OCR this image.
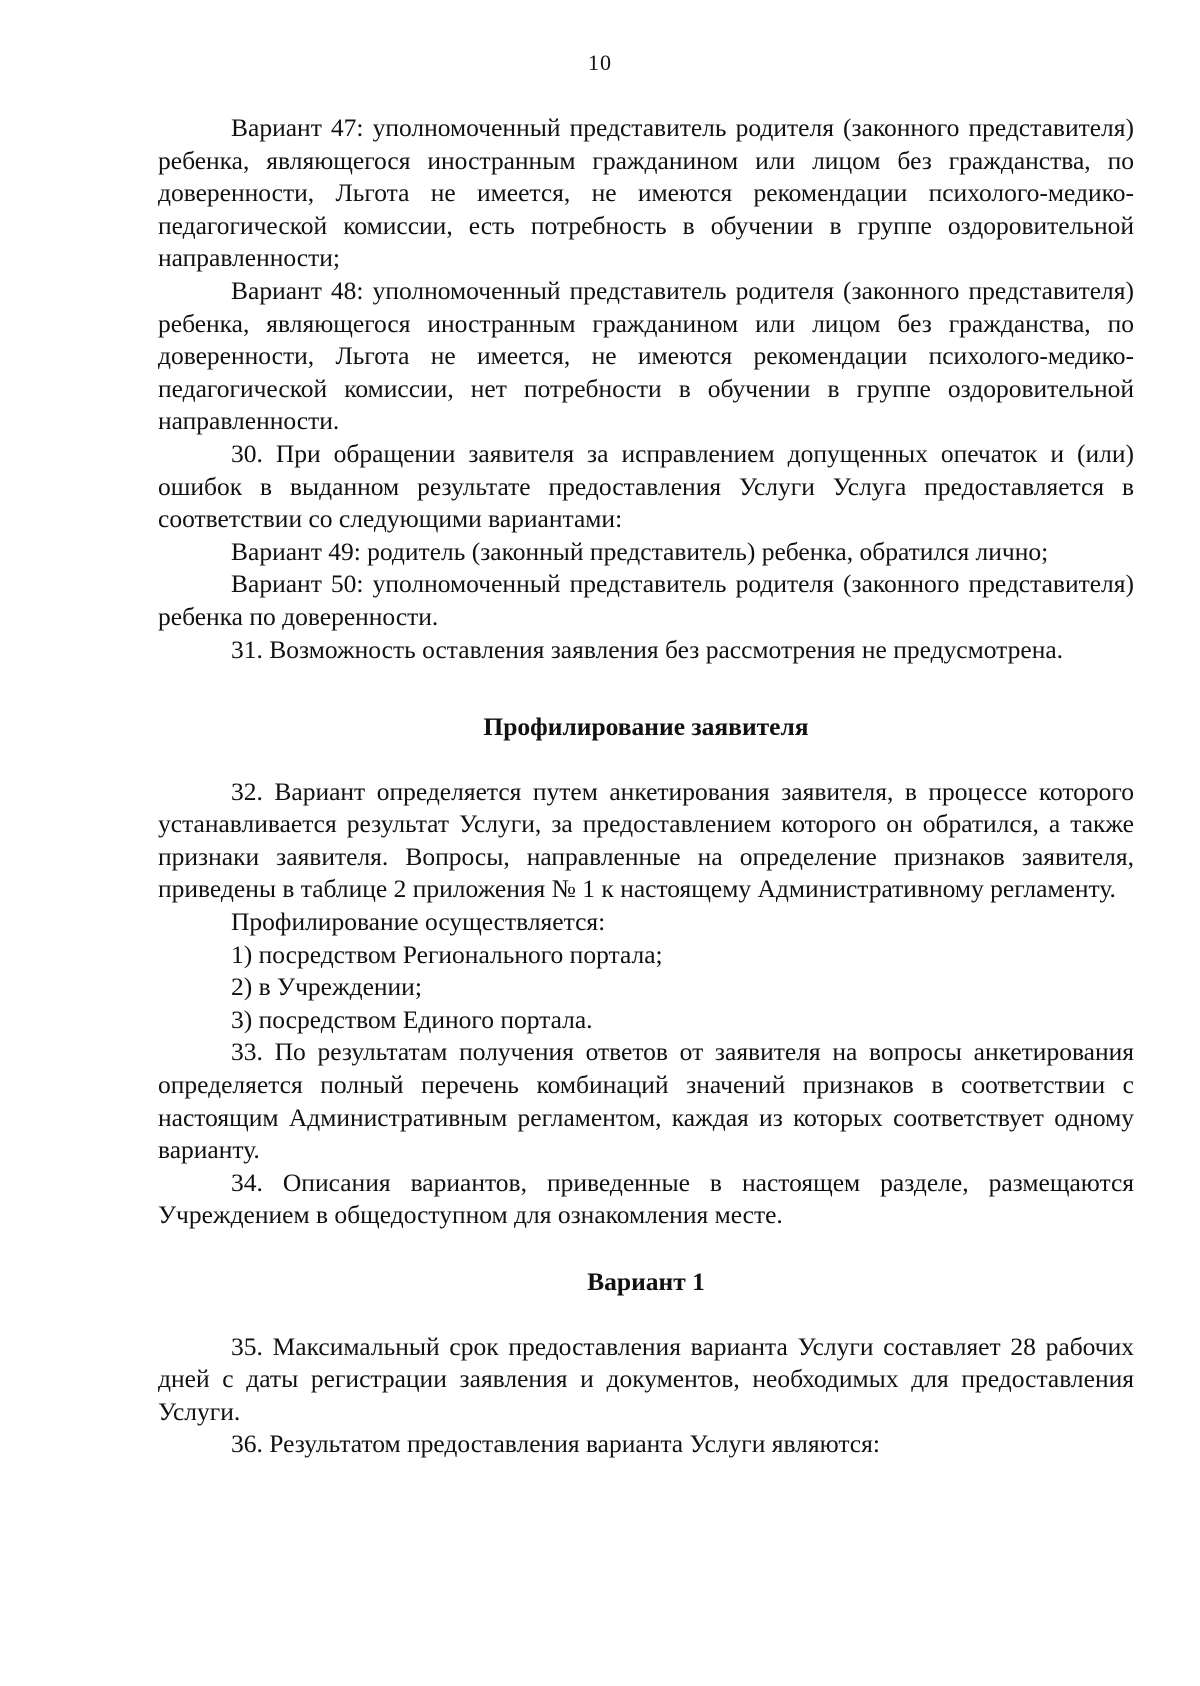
10

Вариант 47: уполномоченный представитель родителя (законного представителя) ребенка, являющегося иностранным гражданином или лицом без гражданства, по доверенности, Льгота не имеется, не имеются рекомендации психолого-медико-педагогической комиссии, есть потребность в обучении в группе оздоровительной направленности;

Вариант 48: уполномоченный представитель родителя (законного представителя) ребенка, являющегося иностранным гражданином или лицом без гражданства, по доверенности, Льгота не имеется, не имеются рекомендации психолого-медико-педагогической комиссии, нет потребности в обучении в группе оздоровительной направленности.

30. При обращении заявителя за исправлением допущенных опечаток и (или) ошибок в выданном результате предоставления Услуги Услуга предоставляется в соответствии со следующими вариантами:

Вариант 49: родитель (законный представитель) ребенка, обратился лично;

Вариант 50: уполномоченный представитель родителя (законного представителя) ребенка по доверенности.

31. Возможность оставления заявления без рассмотрения не предусмотрена.

Профилирование заявителя

32. Вариант определяется путем анкетирования заявителя, в процессе которого устанавливается результат Услуги, за предоставлением которого он обратился, а также признаки заявителя. Вопросы, направленные на определение признаков заявителя, приведены в таблице 2 приложения № 1 к настоящему Административному регламенту.

Профилирование осуществляется:

1) посредством Регионального портала;

2) в Учреждении;

3) посредством Единого портала.

33. По результатам получения ответов от заявителя на вопросы анкетирования определяется полный перечень комбинаций значений признаков в соответствии с настоящим Административным регламентом, каждая из которых соответствует одному варианту.

34. Описания вариантов, приведенные в настоящем разделе, размещаются Учреждением в общедоступном для ознакомления месте.

Вариант 1

35. Максимальный срок предоставления варианта Услуги составляет 28 рабочих дней с даты регистрации заявления и документов, необходимых для предоставления Услуги.

36. Результатом предоставления варианта Услуги являются:
